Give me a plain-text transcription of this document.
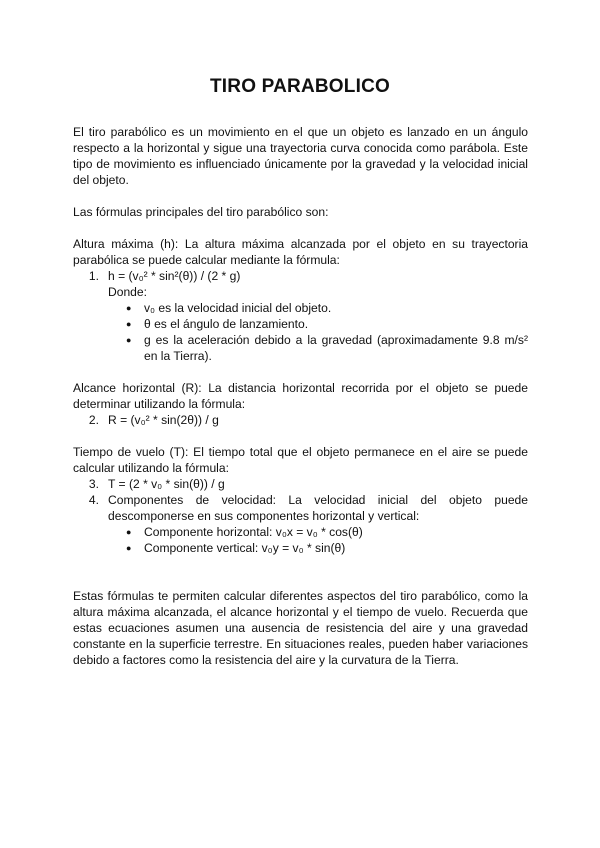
TIRO PARABOLICO

El tiro parabólico es un movimiento en el que un objeto es lanzado en un ángulo respecto a la horizontal y sigue una trayectoria curva conocida como parábola. Este tipo de movimiento es influenciado únicamente por la gravedad y la velocidad inicial del objeto.

Las fórmulas principales del tiro parabólico son:

Altura máxima (h): La altura máxima alcanzada por el objeto en su trayectoria parabólica se puede calcular mediante la fórmula:

1. h = (v₀² * sin²(θ)) / (2 * g)

Donde:

●	v₀ es la velocidad inicial del objeto.
●	θ es el ángulo de lanzamiento.
●	g es la aceleración debido a la gravedad (aproximadamente 9.8 m/s² en la Tierra).

Alcance horizontal (R): La distancia horizontal recorrida por el objeto se puede determinar utilizando la fórmula:

2. R = (v₀² * sin(2θ)) / g

Tiempo de vuelo (T): El tiempo total que el objeto permanece en el aire se puede calcular utilizando la fórmula:

3. T = (2 * v₀ * sin(θ)) / g
4. Componentes de velocidad: La velocidad inicial del objeto puede descomponerse en sus componentes horizontal y vertical:
●	Componente horizontal: v₀x = v₀ * cos(θ)
●	Componente vertical: v₀y = v₀ * sin(θ)

Estas fórmulas te permiten calcular diferentes aspectos del tiro parabólico, como la altura máxima alcanzada, el alcance horizontal y el tiempo de vuelo. Recuerda que estas ecuaciones asumen una ausencia de resistencia del aire y una gravedad constante en la superficie terrestre. En situaciones reales, pueden haber variaciones debido a factores como la resistencia del aire y la curvatura de la Tierra.
